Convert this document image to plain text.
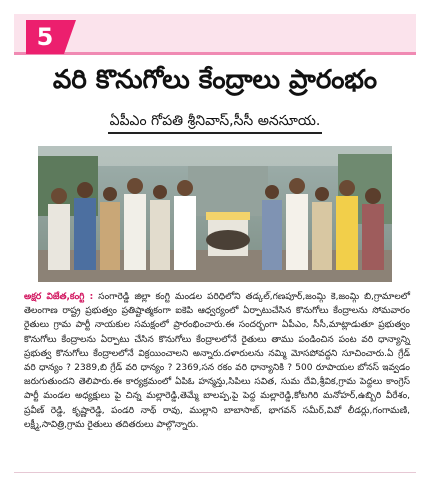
5
వరి కొనుగోలు కేంద్రాలు ప్రారంభం
ఏపీఎం గోపతి శ్రీనివాస్,సీసీ అనసూయ.
అక్షర విజేత,కంగ్టి : సంగారెడ్డి జిల్లా కంగ్టి మండల పరిధిలోని తడ్కల్,గణపూర్,జంమ్గి కె,జంమ్గి బి,గ్రామాలలో తెలంగాణ రాష్ట్ర ప్రభుత్వం ప్రతిష్టాత్మకంగా ఐకెపి ఆధ్వర్యంలో ఏర్పాటుచేసిన కొనుగోలు కేంద్రాలను సోమవారం రైతులు గ్రామ పార్టీ నాయకుల సమక్షంలో ప్రారంభించారు.ఈ సందర్భంగా ఏపీఎం, సీసీ,మాట్లాడుతూ ప్రభుత్వం కొనుగోలు కేంద్రాలను ఏర్పాటు చేసిన కొనుగోలు కేంద్రాలలోనే రైతులు తాము పండించిన పంట వరి ధాన్యాన్ని ప్రభుత్వ కొనుగోలు కేంద్రాలలోనే విక్రయించాలని అన్నారు.దళారులను నమ్మి మోసపోవద్దని సూచించారు.ఏ గ్రేడ్ వరి ధాన్యం ? 2389,బి గ్రేడ్ వరి ధాన్యం ? 2369,సన రకం వరి ధాన్యానికి ? 500 రూపాయల బోనస్ ఇవ్వడం జరుగుతుందని తెలిపారు.ఈ కార్యక్రమంలో ఏపిఓ హన్మన్తు,సిపిలు సవిత, సుమ దేవి,శ్రీవిక,గ్రామ పెద్దలు కాంగ్రెస్ పార్టీ మండల అధ్యక్షులు పై చిన్న మల్లారెడ్డి,తెమ్మే బాలప్ప,పై పెద్ద మల్లారెడ్డి,కోటగిరి మనోహర్,ఉబ్బిరి వీరేశం, ప్రవీణ్ రెడ్డి, కృష్ణారెడ్డి, పండరి నాథ్ రావు, ముల్లాని బాబాసాబ్, భాగవన్ సమీర్,వివో లీడర్లు,గంగామణి, లక్ష్మీ,సావిత్రి,గ్రామ రైతులు తదితరులు పాల్గొన్నారు.
